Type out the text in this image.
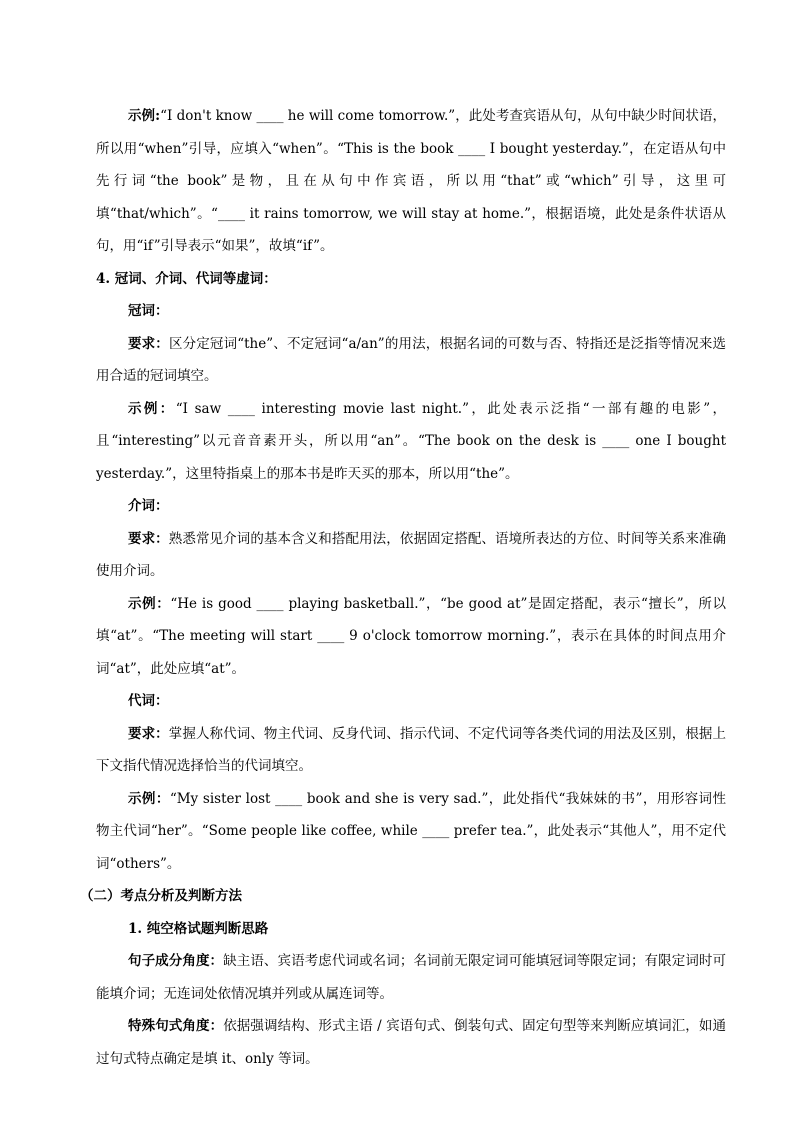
示例:“I don't know ____ he will come tomorrow.”，此处考查宾语从句，从句中缺少时间状语，所以用“when”引导，应填入“when”。“This is the book ____ I bought yesterday.”，在定语从句中先行词“the book”是物，且在从句中作宾语，所以用“that”或“which”引导，这里可填“that/which”。“____ it rains tomorrow, we will stay at home.”，根据语境，此处是条件状语从句，用“if”引导表示“如果”，故填“if”。

4. 冠词、介词、代词等虚词：

冠词：

要求：区分定冠词“the”、不定冠词“a/an”的用法，根据名词的可数与否、特指还是泛指等情况来选用合适的冠词填空。

示例：“I saw ____ interesting movie last night.”，此处表示泛指“一部有趣的电影”，且“interesting”以元音音素开头，所以用“an”。“The book on the desk is ____ one I bought yesterday.”，这里特指桌上的那本书是昨天买的那本，所以用“the”。

介词：

要求：熟悉常见介词的基本含义和搭配用法，依据固定搭配、语境所表达的方位、时间等关系来准确使用介词。

示例：“He is good ____ playing basketball.”，“be good at”是固定搭配，表示“擅长”，所以填“at”。“The meeting will start ____ 9 o'clock tomorrow morning.”，表示在具体的时间点用介词“at”，此处应填“at”。

代词：

要求：掌握人称代词、物主代词、反身代词、指示代词、不定代词等各类代词的用法及区别，根据上下文指代情况选择恰当的代词填空。

示例：“My sister lost ____ book and she is very sad.”，此处指代“我妹妹的书”，用形容词性物主代词“her”。“Some people like coffee, while ____ prefer tea.”，此处表示“其他人”，用不定代词“others”。

（二）考点分析及判断方法

1. 纯空格试题判断思路

句子成分角度：缺主语、宾语考虑代词或名词；名词前无限定词可能填冠词等限定词；有限定词时可能填介词；无连词处依情况填并列或从属连词等。

特殊句式角度：依据强调结构、形式主语 / 宾语句式、倒装句式、固定句型等来判断应填词汇，如通过句式特点确定是填 it、only 等词。
